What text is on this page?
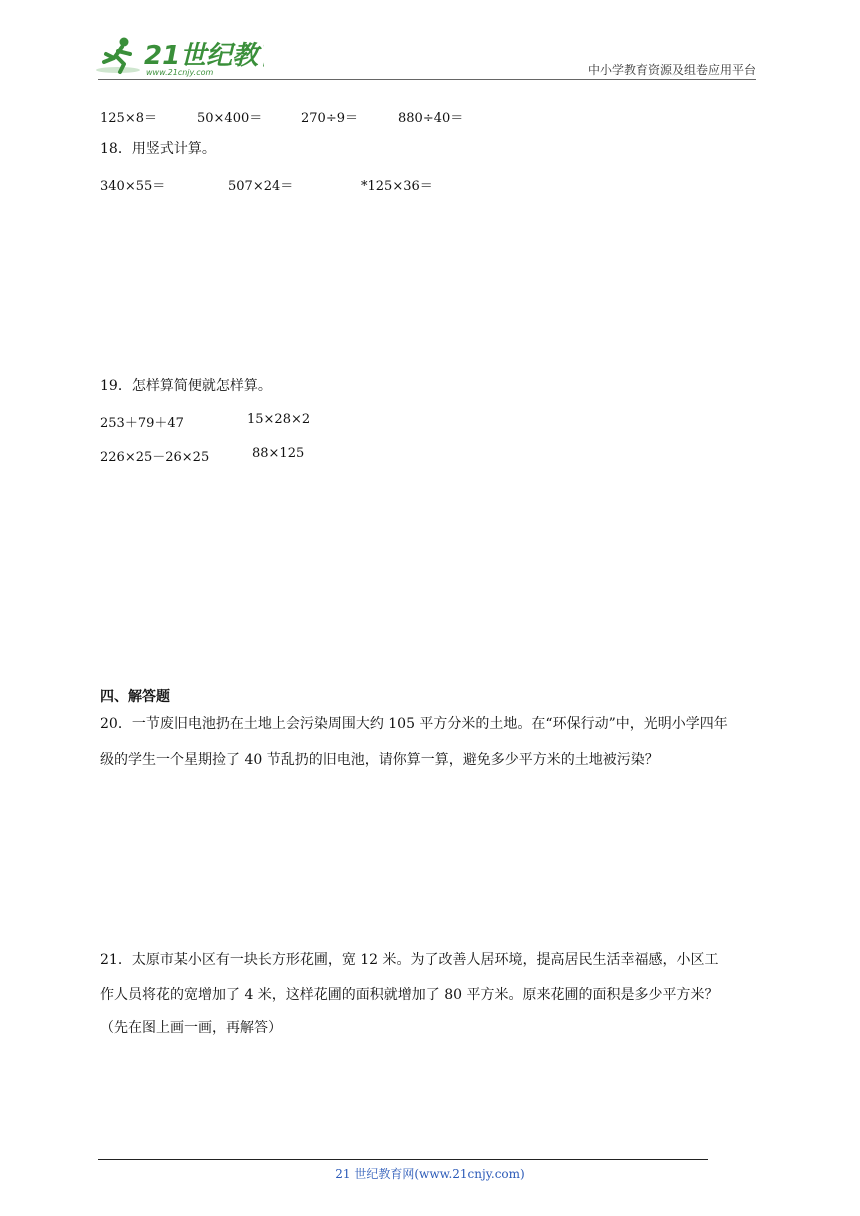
21世纪教
www.21cnjy.com	中小学教育资源及组卷应用平台
125×8＝	50×400＝	270÷9＝	880÷40＝
18．用竖式计算。
340×55＝	507×24＝	*125×36＝
19．怎样算简便就怎样算。
253＋79＋47	15×28×2
226×25－26×25	88×125
四、解答题
20．一节废旧电池扔在土地上会污染周围大约 105 平方分米的土地。在“环保行动”中，光明小学四年
级的学生一个星期捡了 40 节乱扔的旧电池，请你算一算，避免多少平方米的土地被污染？
21．太原市某小区有一块长方形花圃，宽 12 米。为了改善人居环境，提高居民生活幸福感，小区工
作人员将花的宽增加了 4 米，这样花圃的面积就增加了 80 平方米。原来花圃的面积是多少平方米？
（先在图上画一画，再解答）
21 世纪教育网(www.21cnjy.com)
